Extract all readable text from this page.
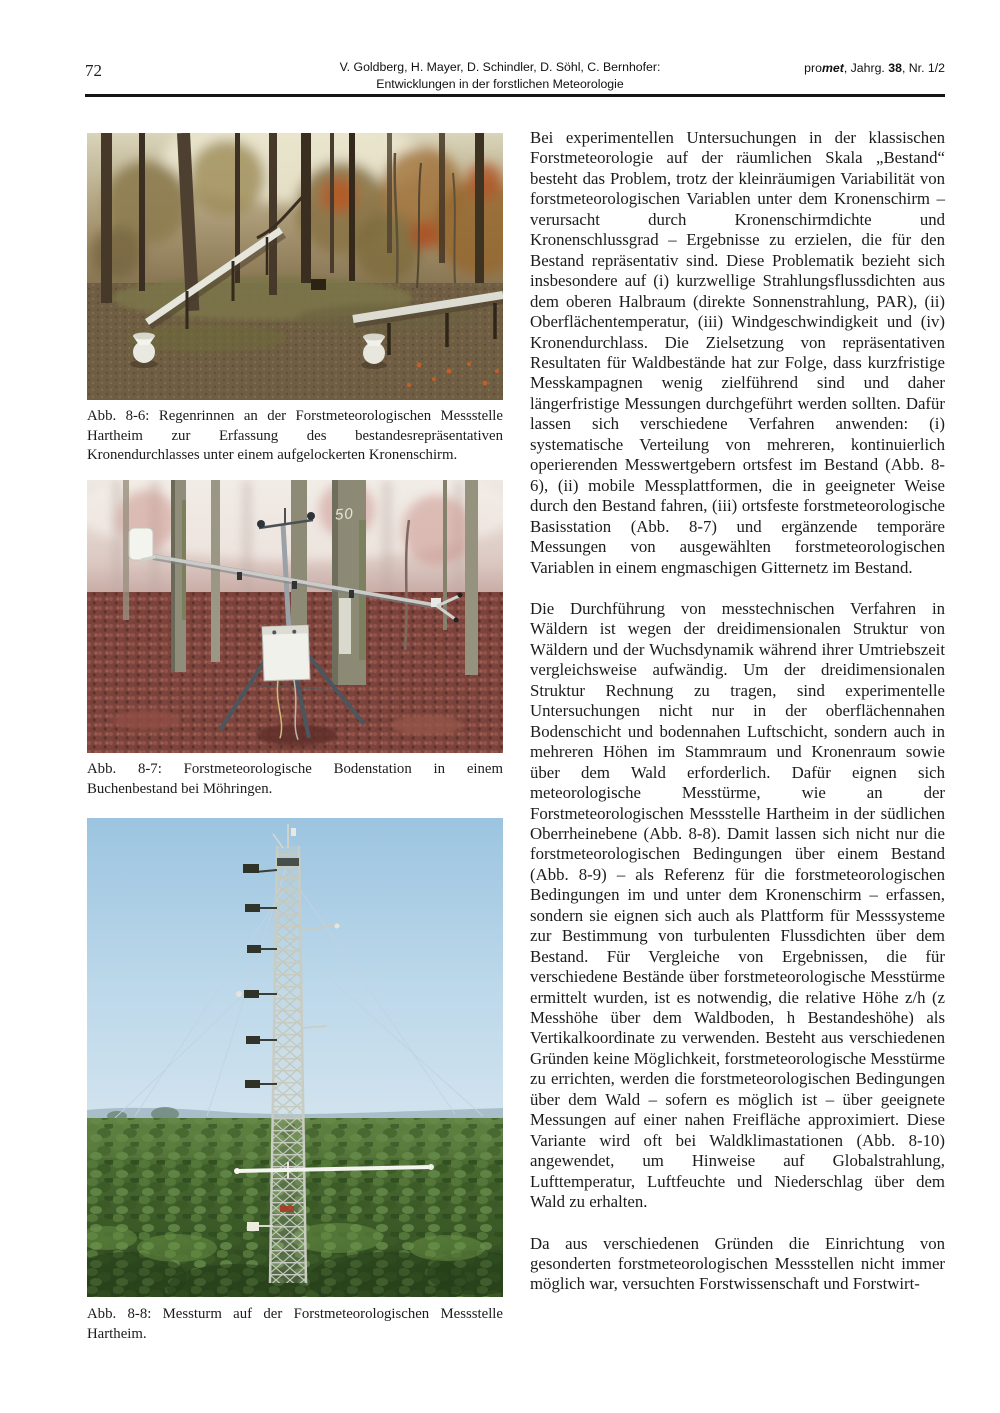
72	V. Goldberg, H. Mayer, D. Schindler, D. Söhl, C. Bernhofer:
Entwicklungen in der forstlichen Meteorologie
promet, Jahrg. 38, Nr. 1/2
Abb. 8-6: Regenrinnen an der Forstmeteorologischen Messstelle Hartheim zur Erfassung des bestandesrepräsentativen Kronendurchlasses unter einem aufgelockerten Kronenschirm.
50
Abb. 8-7: Forstmeteorologische Bodenstation in einem Buchenbestand bei Möhringen.
Abb. 8-8: Messturm auf der Forstmeteorologischen Messstelle Hartheim.

Bei experimentellen Untersuchungen in der klassischen Forstmeteorologie auf der räumlichen Skala „Bestand“ besteht das Problem, trotz der kleinräumigen Variabilität von forstmeteorologischen Variablen unter dem Kronenschirm – verursacht durch Kronenschirmdichte und Kronenschlussgrad – Ergebnisse zu erzielen, die für den Bestand repräsentativ sind. Diese Problematik bezieht sich insbesondere auf (i) kurzwellige Strahlungsflussdichten aus dem oberen Halbraum (direkte Sonnenstrahlung, PAR), (ii) Oberflächentemperatur, (iii) Windgeschwindigkeit und (iv) Kronendurchlass. Die Zielsetzung von repräsentativen Resultaten für Waldbestände hat zur Folge, dass kurzfristige Messkampagnen wenig zielführend sind und daher längerfristige Messungen durchgeführt werden sollten. Dafür lassen sich verschiedene Verfahren anwenden: (i) systematische Verteilung von mehreren, kontinuierlich operierenden Messwertgebern ortsfest im Bestand (Abb. 8-6), (ii) mobile Messplattformen, die in geeigneter Weise durch den Bestand fahren, (iii) ortsfeste forstmeteorologische Basisstation (Abb. 8-7) und ergänzende temporäre Messungen von ausgewählten forstmeteorologischen Variablen in einem engmaschigen Gitternetz im Bestand.

Die Durchführung von messtechnischen Verfahren in Wäldern ist wegen der dreidimensionalen Struktur von Wäldern und der Wuchsdynamik während ihrer Umtriebszeit vergleichsweise aufwändig. Um der dreidimensionalen Struktur Rechnung zu tragen, sind experimentelle Untersuchungen nicht nur in der oberflächennahen Bodenschicht und bodennahen Luftschicht, sondern auch in mehreren Höhen im Stammraum und Kronenraum sowie über dem Wald erforderlich. Dafür eignen sich meteorologische Messtürme, wie an der Forstmeteorologischen Messstelle Hartheim in der südlichen Oberrheinebene (Abb. 8-8). Damit lassen sich nicht nur die forstmeteorologischen Bedingungen über einem Bestand (Abb. 8-9) – als Referenz für die forstmeteorologischen Bedingungen im und unter dem Kronenschirm – erfassen, sondern sie eignen sich auch als Plattform für Messsysteme zur Bestimmung von turbulenten Flussdichten über dem Bestand. Für Vergleiche von Ergebnissen, die für verschiedene Bestände über forstmeteorologische Messtürme ermittelt wurden, ist es notwendig, die relative Höhe z/h (z Messhöhe über dem Waldboden, h Bestandeshöhe) als Vertikalkoordinate zu verwenden. Besteht aus verschiedenen Gründen keine Möglichkeit, forstmeteorologische Messtürme zu errichten, werden die forstmeteorologischen Bedingungen über dem Wald – sofern es möglich ist – über geeignete Messungen auf einer nahen Freifläche approximiert. Diese Variante wird oft bei Waldklimastationen (Abb. 8-10) angewendet, um Hinweise auf Globalstrahlung, Lufttemperatur, Luftfeuchte und Niederschlag über dem Wald zu erhalten.

Da aus verschiedenen Gründen die Einrichtung von gesonderten forstmeteorologischen Messstellen nicht immer möglich war, versuchten Forstwissenschaft und Forstwirt-
